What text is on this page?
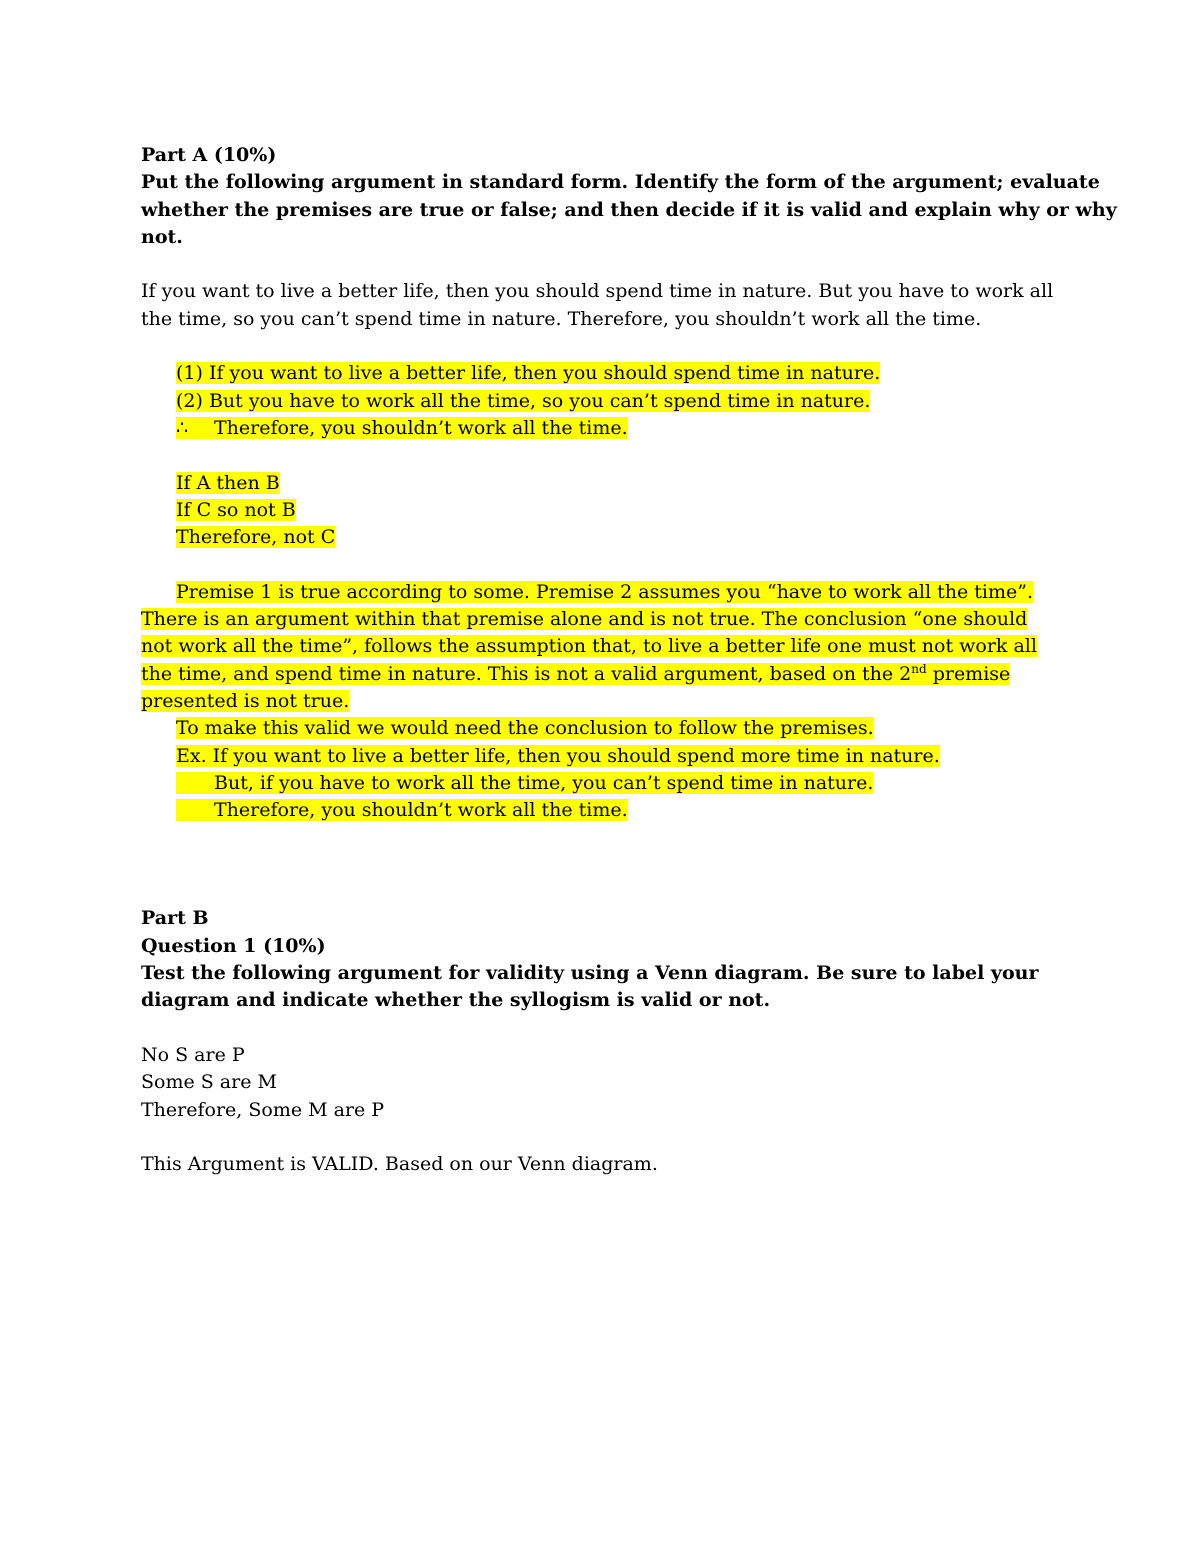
Part A (10%)
Put the following argument in standard form. Identify the form of the argument; evaluate
whether the premises are true or false; and then decide if it is valid and explain why or why
not.
If you want to live a better life, then you should spend time in nature. But you have to work all
the time, so you can’t spend time in nature. Therefore, you shouldn’t work all the time.
(1) If you want to live a better life, then you should spend time in nature.
(2) But you have to work all the time, so you can’t spend time in nature.
∴ Therefore, you shouldn’t work all the time.
If A then B
If C so not B
Therefore, not C
Premise 1 is true according to some. Premise 2 assumes you “have to work all the time”. There is an argument within that premise alone and is not true. The conclusion “one should not work all the time”, follows the assumption that, to live a better life one must not work all the time, and spend time in nature. This is not a valid argument, based on the 2nd premise presented is not true.
To make this valid we would need the conclusion to follow the premises.
Ex. If you want to live a better life, then you should spend more time in nature.
But, if you have to work all the time, you can’t spend time in nature.
Therefore, you shouldn’t work all the time.
Part B
Question 1 (10%)
Test the following argument for validity using a Venn diagram. Be sure to label your
diagram and indicate whether the syllogism is valid or not.
No S are P
Some S are M
Therefore, Some M are P
This Argument is VALID. Based on our Venn diagram.
